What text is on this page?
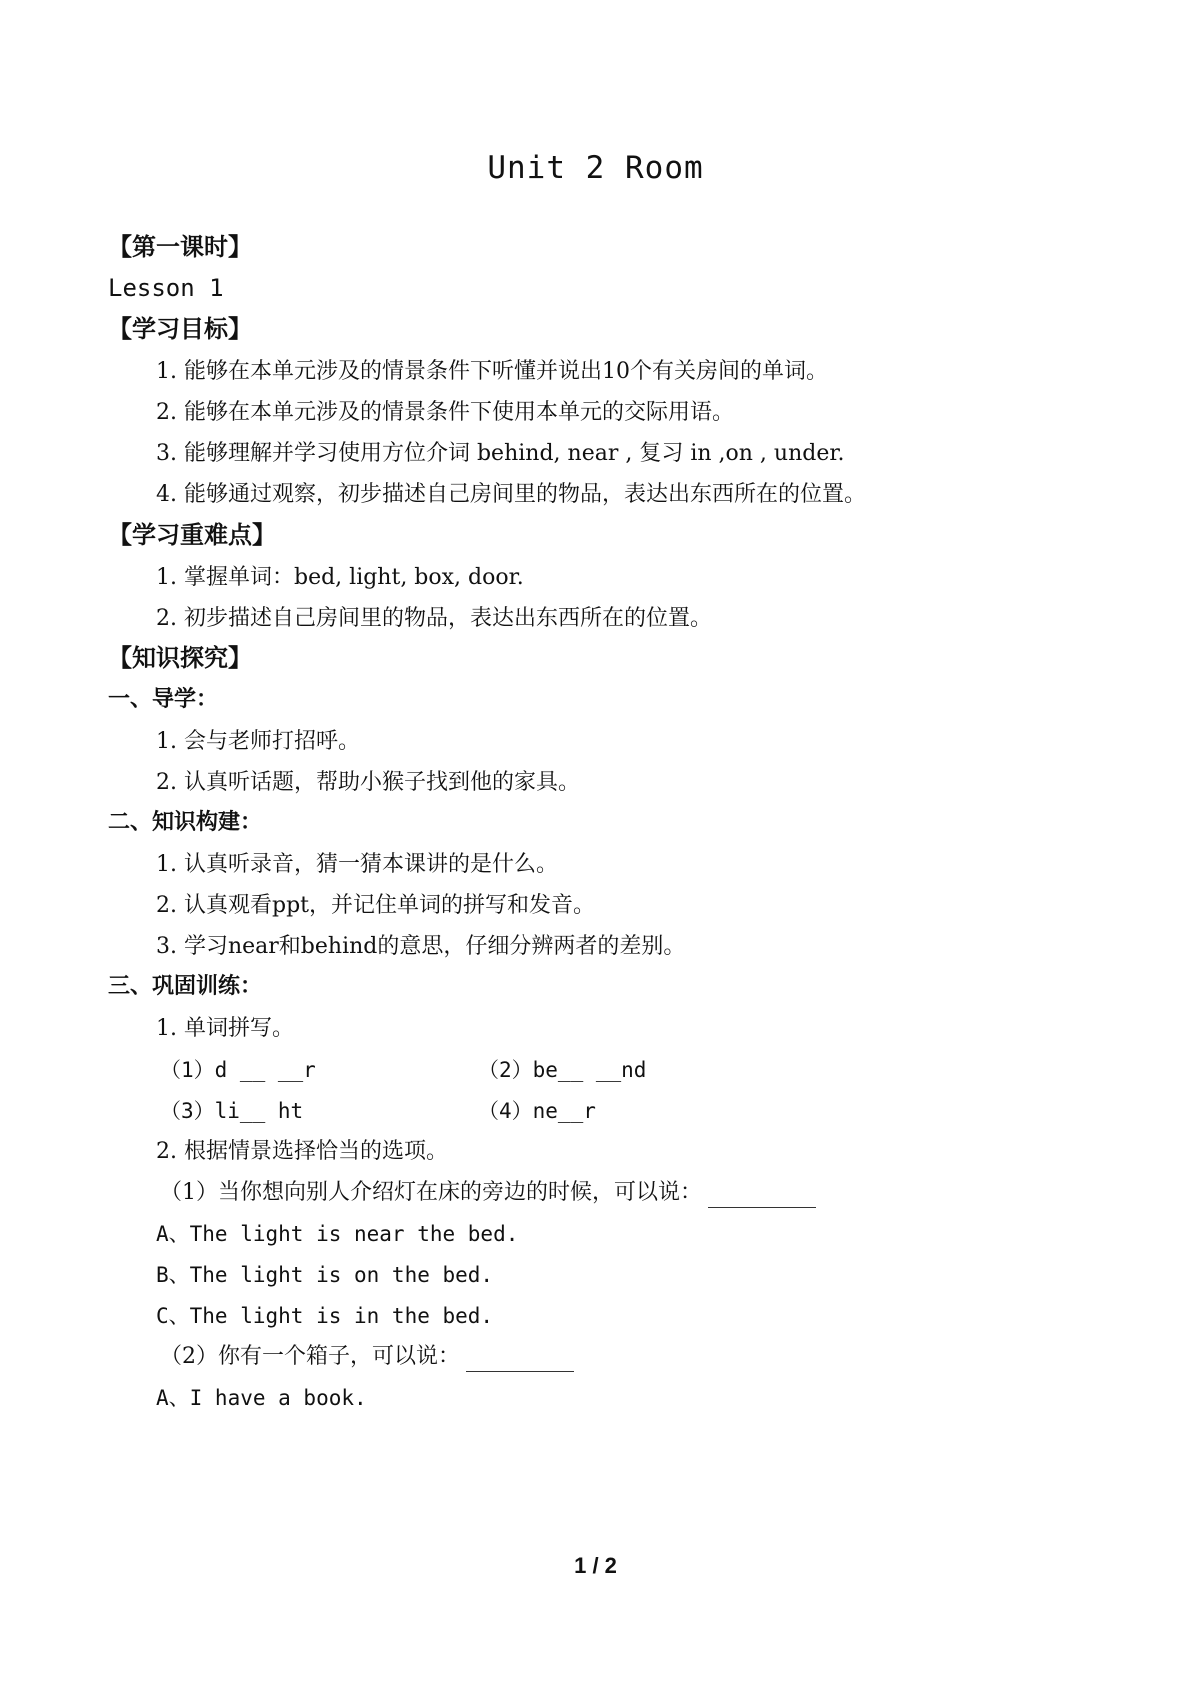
Unit 2 Room
【第一课时】
Lesson 1
【学习目标】
1. 能够在本单元涉及的情景条件下听懂并说出10个有关房间的单词。
2. 能够在本单元涉及的情景条件下使用本单元的交际用语。
3. 能够理解并学习使用方位介词 behind, near , 复习 in ,on , under.
4. 能够通过观察，初步描述自己房间里的物品，表达出东西所在的位置。
【学习重难点】
1. 掌握单词：bed, light, box, door.
2. 初步描述自己房间里的物品，表达出东西所在的位置。
【知识探究】
一、导学：
1. 会与老师打招呼。
2. 认真听话题，帮助小猴子找到他的家具。
二、知识构建：
1. 认真听录音，猜一猜本课讲的是什么。
2. 认真观看ppt，并记住单词的拼写和发音。
3. 学习near和behind的意思，仔细分辨两者的差别。
三、巩固训练：
1. 单词拼写。
（1）d __ __r	（2）be__ __nd
（3）li__ ht	（4）ne__r
2. 根据情景选择恰当的选项。
（1）当你想向别人介绍灯在床的旁边的时候，可以说：
A、The light is near the bed.
B、The light is on the bed.
C、The light is in the bed.
（2）你有一个箱子，可以说：
A、I have a book.
1 / 2
